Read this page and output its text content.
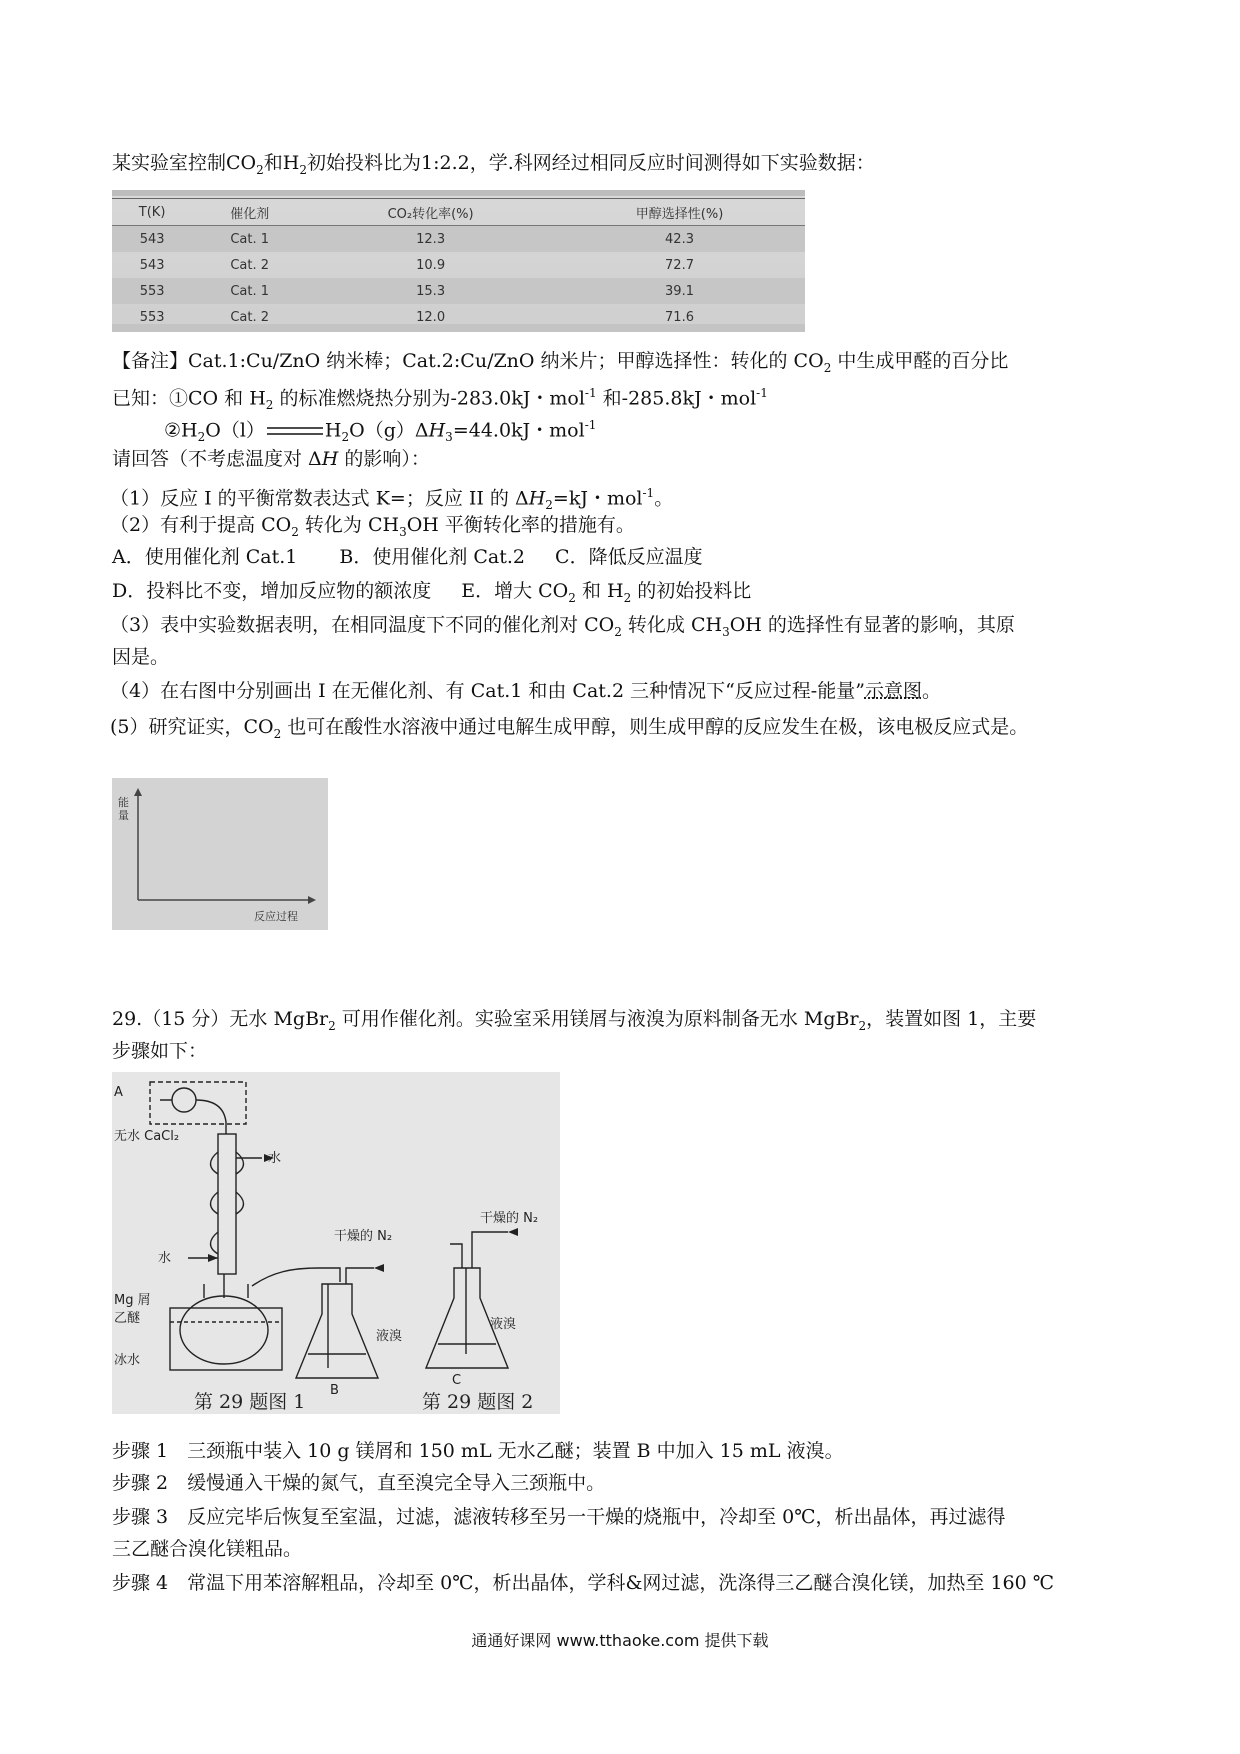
某实验室控制$CO_2$和$H_2$初始投料比为1:2.2，学.科网经过相同反应时间测得如下实验数据：
T(K)	催化剂	CO₂转化率(%)	甲醇选择性(%)
543	Cat. 1	12.3	42.3
543	Cat. 2	10.9	72.7
553	Cat. 1	15.3	39.1
553	Cat. 2	12.0	71.6
【备注】Cat.1:Cu/ZnO 纳米棒；Cat.2:Cu/ZnO 纳米片；甲醇选择性：转化的 $CO_2$ 中生成甲醛的百分比
已知：①CO 和 $H_2$ 的标准燃烧热分别为-283.0kJ・mol$^{-1}$ 和-285.8kJ・mol$^{-1}$
$②H_2O(l)$	$H_2O(g)\Delta H_3=44.0kJ$・mol$^{-1}$
请回答（不考虑温度对 ΔH 的影响）：
（1）反应 I 的平衡常数表达式 K=；反应 II 的 $\Delta H_2=kJ$・mol$^{-1}$。
（2）有利于提高 $CO_2$ 转化为 $CH_3OH$ 平衡转化率的措施有。
A．使用催化剂 Cat.1 B．使用催化剂 Cat.2 C．降低反应温度
D．投料比不变，增加反应物的额浓度 E．增大 $CO_2$ 和 $H_2$ 的初始投料比
（3）表中实验数据表明，在相同温度下不同的催化剂对 $CO_2$ 转化成 $CH_3OH$ 的选择性有显著的影响，其原
因是。
（4）在右图中分别画出 I 在无催化剂、有 Cat.1 和由 Cat.2 三种情况下“反应过程-能量”示意图。
(5）研究证实，$CO_2$ 也可在酸性水溶液中通过电解生成甲醇，则生成甲醇的反应发生在极，该电极反应式是。
能量
反应过程
29.（15 分）无水 MgBr$_2$ 可用作催化剂。实验室采用镁屑与液溴为原料制备无水 MgBr$_2$，装置如图 1，主要
步骤如下：
A
无水 CaCl₂
水
水
干燥的 N₂
干燥的 N₂
Mg 屑
乙醚
冰水
液溴
液溴
B
C
第 29 题图 1	第 29 题图 2
步骤 1　三颈瓶中装入 10 g 镁屑和 150 mL 无水乙醚；装置 B 中加入 15 mL 液溴。
步骤 2　缓慢通入干燥的氮气，直至溴完全导入三颈瓶中。
步骤 3　反应完毕后恢复至室温，过滤，滤液转移至另一干燥的烧瓶中，冷却至 0℃，析出晶体，再过滤得
三乙醚合溴化镁粗品。
步骤 4　常温下用苯溶解粗品，冷却至 0℃，析出晶体，学科&网过滤，洗涤得三乙醚合溴化镁，加热至 160 ℃
通通好课网 www.tthaoke.com 提供下载
